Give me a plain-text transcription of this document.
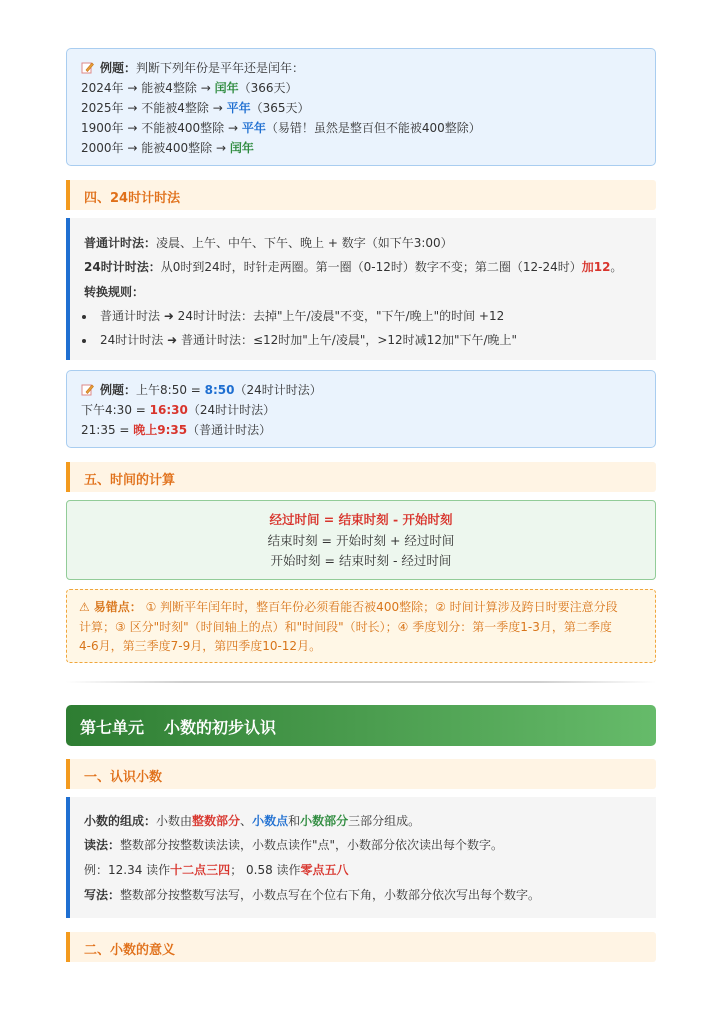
例题：判断下列年份是平年还是闰年：
2024年 → 能被4整除 → 闰年（366天）
2025年 → 不能被4整除 → 平年（365天）
1900年 → 不能被400整除 → 平年（易错！虽然是整百但不能被400整除）
2000年 → 能被400整除 → 闰年
四、24时计时法
普通计时法：凌晨、上午、中午、下午、晚上 + 数字（如下午3:00）
24时计时法：从0时到24时，时针走两圈。第一圈（0-12时）数字不变；第二圈（12-24时）加12。
转换规则：
普通计时法 ➜ 24时计时法：去掉"上午/凌晨"不变，"下午/晚上"的时间 +12
24时计时法 ➜ 普通计时法：≤12时加"上午/凌晨"，>12时减12加"下午/晚上"
例题：上午8:50 = 8:50（24时计时法）
下午4:30 = 16:30（24时计时法）
21:35 = 晚上9:35（普通计时法）
五、时间的计算
经过时间 = 结束时刻 - 开始时刻
结束时刻 = 开始时刻 + 经过时间
开始时刻 = 结束时刻 - 经过时间
⚠ 易错点： ① 判断平年闰年时，整百年份必须看能否被400整除；② 时间计算涉及跨日时要注意分段
计算；③ 区分"时刻"（时间轴上的点）和"时间段"（时长）；④ 季度划分：第一季度1-3月，第二季度
4-6月，第三季度7-9月，第四季度10-12月。
第七单元 小数的初步认识
一、认识小数
小数的组成：小数由整数部分、小数点和小数部分三部分组成。
读法：整数部分按整数读法读，小数点读作"点"，小数部分依次读出每个数字。
例：12.34 读作十二点三四； 0.58 读作零点五八
写法：整数部分按整数写法写，小数点写在个位右下角，小数部分依次写出每个数字。
二、小数的意义
